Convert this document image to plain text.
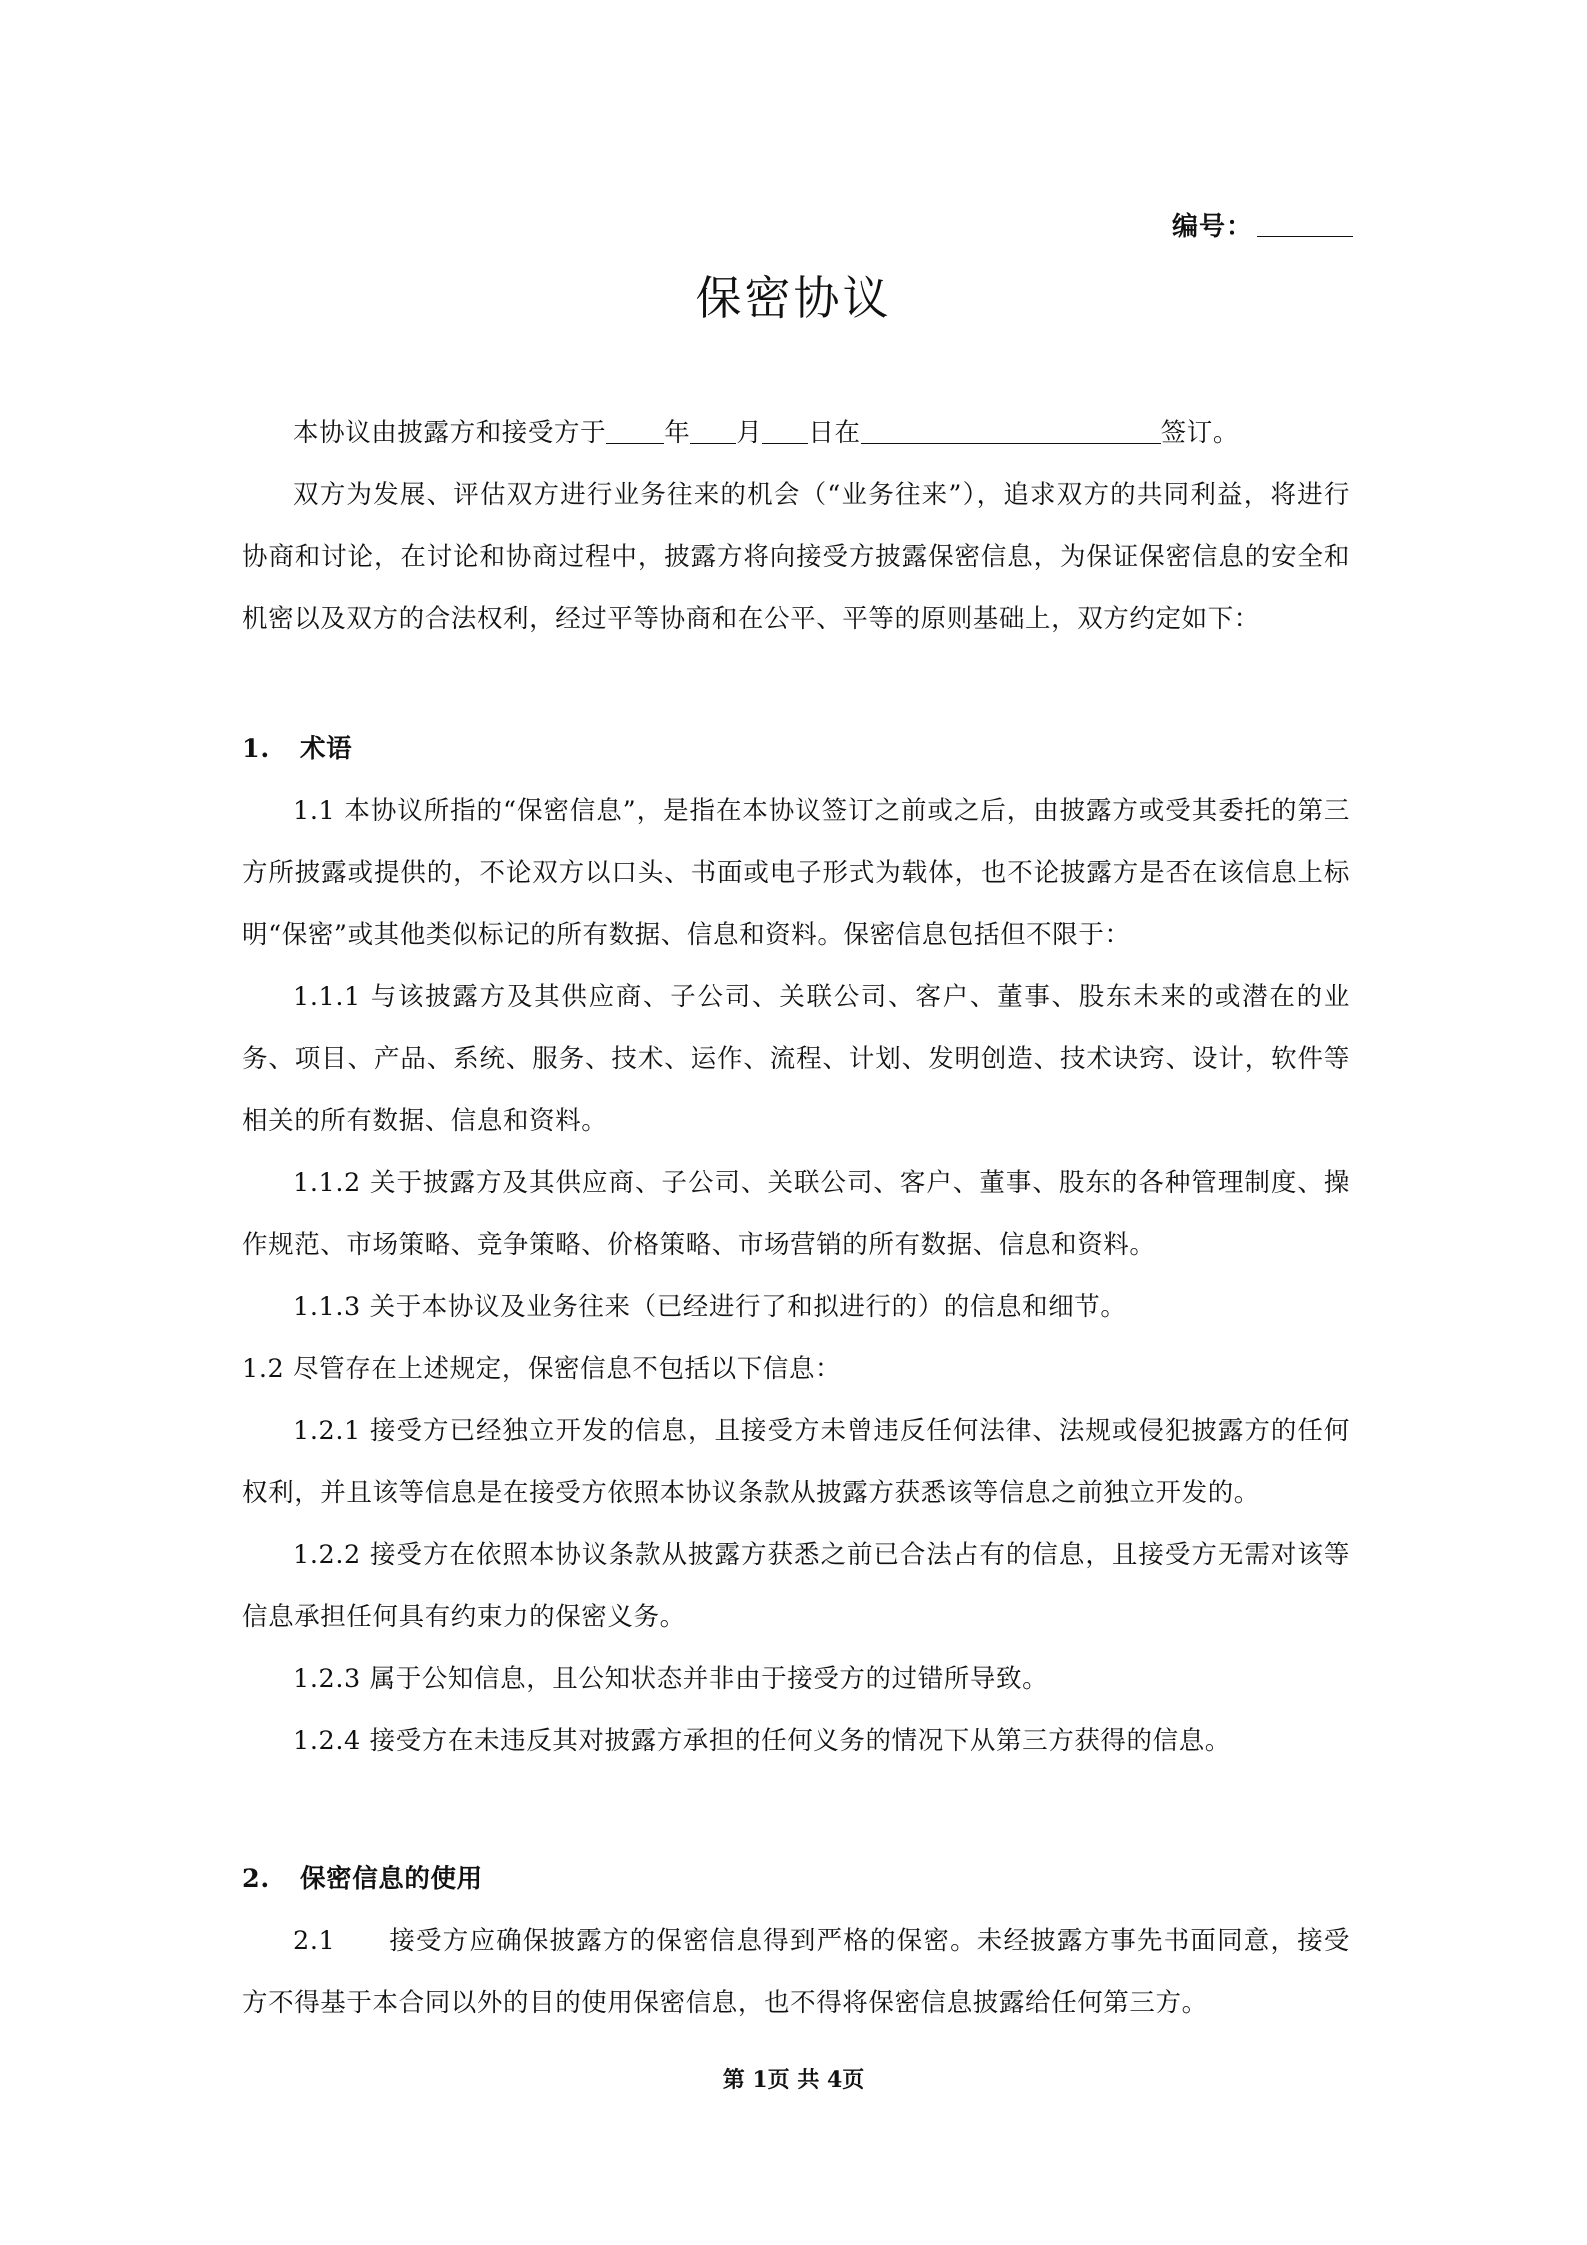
编号：
保密协议

本协议由披露方和接受方于 年 月 日在	签订。

双方为发展、评估双方进行业务往来的机会（“业务往来”），追求双方的共同利益，将进行协商和讨论，在讨论和协商过程中，披露方将向接受方披露保密信息，为保证保密信息的安全和机密以及双方的合法权利，经过平等协商和在公平、平等的原则基础上，双方约定如下：

1. 术语

1.1 本协议所指的“保密信息”，是指在本协议签订之前或之后，由披露方或受其委托的第三方所披露或提供的，不论双方以口头、书面或电子形式为载体，也不论披露方是否在该信息上标明“保密”或其他类似标记的所有数据、信息和资料。保密信息包括但不限于：

1.1.1 与该披露方及其供应商、子公司、关联公司、客户、董事、股东未来的或潜在的业务、项目、产品、系统、服务、技术、运作、流程、计划、发明创造、技术诀窍、设计，软件等相关的所有数据、信息和资料。

1.1.2 关于披露方及其供应商、子公司、关联公司、客户、董事、股东的各种管理制度、操作规范、市场策略、竞争策略、价格策略、市场营销的所有数据、信息和资料。

1.1.3 关于本协议及业务往来（已经进行了和拟进行的）的信息和细节。

1.2 尽管存在上述规定，保密信息不包括以下信息：

1.2.1 接受方已经独立开发的信息，且接受方未曾违反任何法律、法规或侵犯披露方的任何权利，并且该等信息是在接受方依照本协议条款从披露方获悉该等信息之前独立开发的。

1.2.2 接受方在依照本协议条款从披露方获悉之前已合法占有的信息，且接受方无需对该等信息承担任何具有约束力的保密义务。

1.2.3 属于公知信息，且公知状态并非由于接受方的过错所导致。

1.2.4 接受方在未违反其对披露方承担的任何义务的情况下从第三方获得的信息。

2. 保密信息的使用

2.1　　接受方应确保披露方的保密信息得到严格的保密。未经披露方事先书面同意，接受方不得基于本合同以外的目的使用保密信息，也不得将保密信息披露给任何第三方。

第 1页 共 4页
